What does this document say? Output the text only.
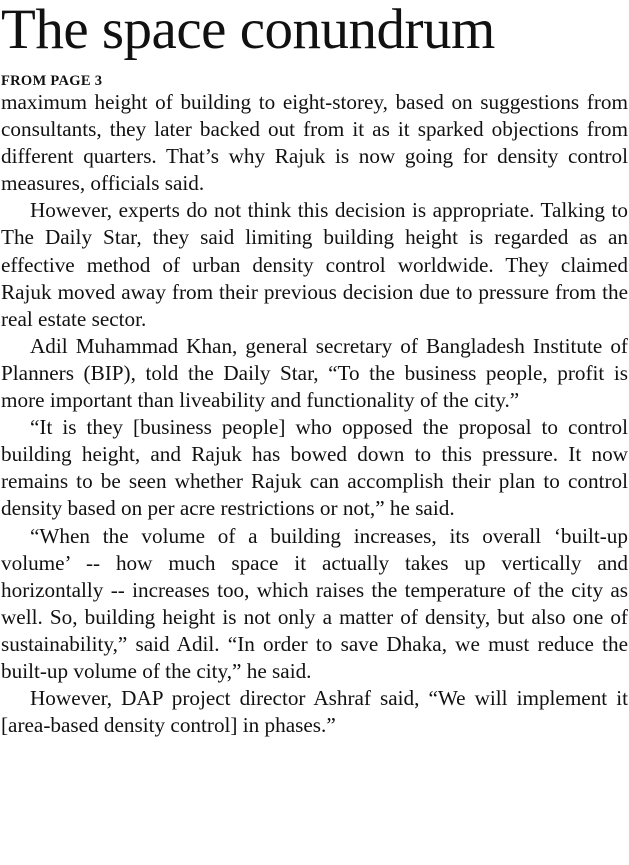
The space conundrum
FROM PAGE 3

maximum height of building to eight-storey, based on suggestions from consultants, they later backed out from it as it sparked objections from different quarters. That’s why Rajuk is now going for density control measures, officials said.

However, experts do not think this decision is appropriate. Talking to The Daily Star, they said limiting building height is regarded as an effective method of urban density control worldwide. They claimed Rajuk moved away from their previous decision due to pressure from the real estate sector.

Adil Muhammad Khan, general secretary of Bangladesh Institute of Planners (BIP), told the Daily Star, “To the business people, profit is more important than liveability and functionality of the city.”

“It is they [business people] who opposed the proposal to control building height, and Rajuk has bowed down to this pressure. It now remains to be seen whether Rajuk can accomplish their plan to control density based on per acre restrictions or not,” he said.

“When the volume of a building increases, its overall ‘built-up volume’ -- how much space it actually takes up vertically and horizontally -- increases too, which raises the temperature of the city as well. So, building height is not only a matter of density, but also one of sustainability,” said Adil. “In order to save Dhaka, we must reduce the built-up volume of the city,” he said.

However, DAP project director Ashraf said, “We will implement it [area-based density control] in phases.”
